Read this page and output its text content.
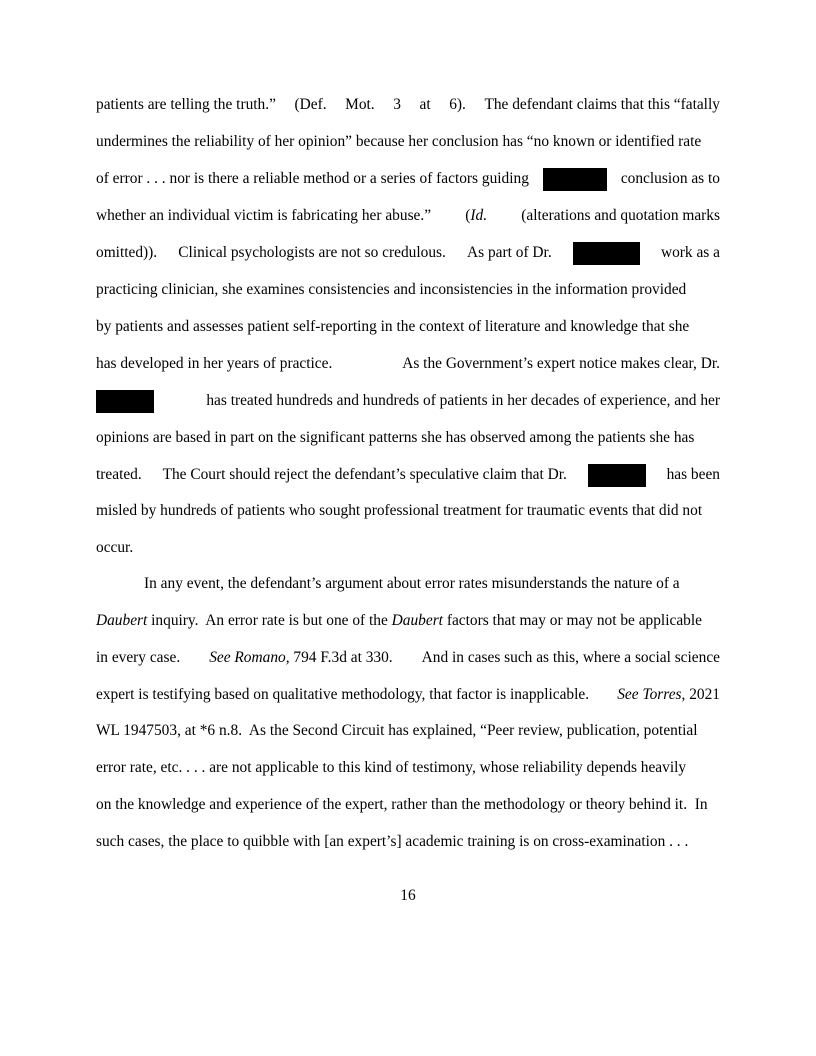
patients are telling the truth.” (Def. Mot. 3 at 6). The defendant claims that this “fatally
undermines the reliability of her opinion” because her conclusion has “no known or identified rate
of error . . . nor is there a reliable method or a series of factors guiding	conclusion as to
whether an individual victim is fabricating her abuse.” (Id. (alterations and quotation marks
omitted)). Clinical psychologists are not so credulous. As part of Dr.	work as a
practicing clinician, she examines consistencies and inconsistencies in the information provided
by patients and assesses patient self-reporting in the context of literature and knowledge that she
has developed in her years of practice.	As the Government’s expert notice makes clear, Dr.
has treated hundreds and hundreds of patients in her decades of experience, and her
opinions are based in part on the significant patterns she has observed among the patients she has
treated. The Court should reject the defendant’s speculative claim that Dr.	has been
misled by hundreds of patients who sought professional treatment for traumatic events that did not
occur.
In any event, the defendant’s argument about error rates misunderstands the nature of a
Daubert inquiry.  An error rate is but one of the Daubert factors that may or may not be applicable
in every case. See Romano, 794 F.3d at 330. And in cases such as this, where a social science
expert is testifying based on qualitative methodology, that factor is inapplicable. See Torres, 2021
WL 1947503, at *6 n.8.  As the Second Circuit has explained, “Peer review, publication, potential
error rate, etc. . . . are not applicable to this kind of testimony, whose reliability depends heavily
on the knowledge and experience of the expert, rather than the methodology or theory behind it.  In
such cases, the place to quibble with [an expert’s] academic training is on cross-examination . . .
16
